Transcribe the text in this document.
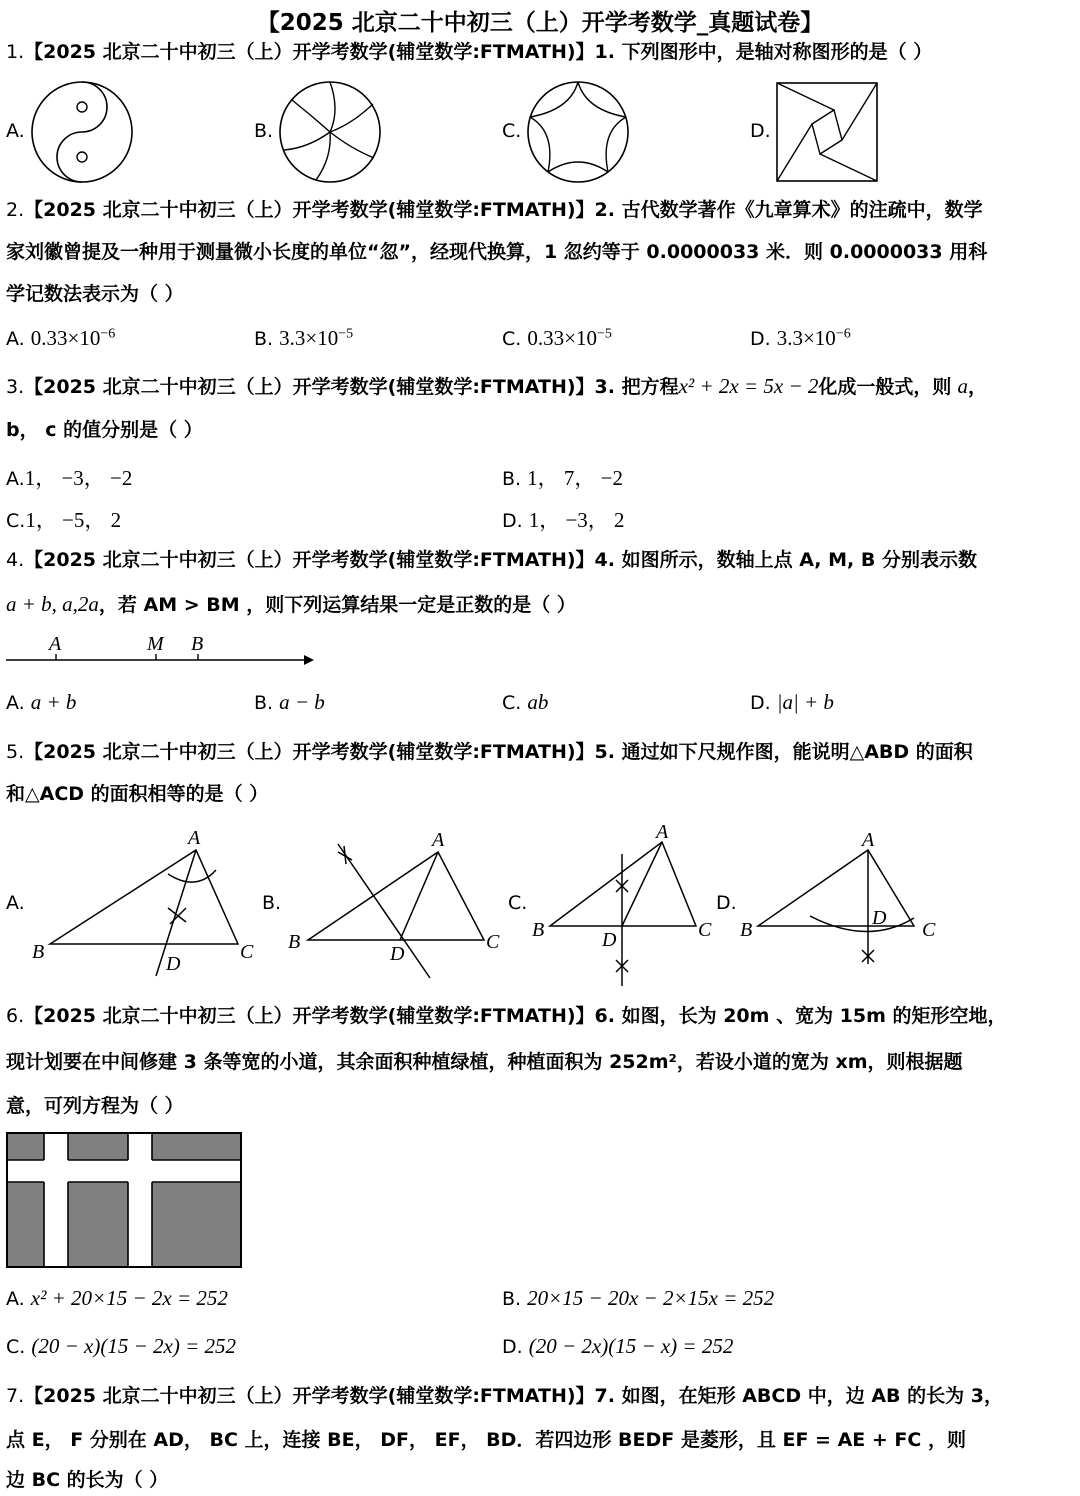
【2025 北京二十中初三（上）开学考数学_真题试卷】
1.【2025 北京二十中初三（上）开学考数学(辅堂数学:FTMATH)】1. 下列图形中，是轴对称图形的是（ ）
A.	B.	C.	D.
2.【2025 北京二十中初三（上）开学考数学(辅堂数学:FTMATH)】2. 古代数学著作《九章算术》的注疏中，数学
家刘徽曾提及一种用于测量微小长度的单位“忽”，经现代换算，1 忽约等于 0.0000033 米．则 0.0000033 用科
学记数法表示为（ ）
A. $0.33\times 10^{-6}$	B. $3.3\times 10^{-5}$	C. $0.33\times 10^{-5}$	D. $3.3\times 10^{-6}$
3.【2025 北京二十中初三（上）开学考数学(辅堂数学:FTMATH)】3. 把方程x² + 2x = 5x − 2化成一般式，则 a，
b， c 的值分别是（ ）
A.1， −3， −2	B. 1， 7， −2
C.1， −5， 2	D. 1， −3， 2
4.【2025 北京二十中初三（上）开学考数学(辅堂数学:FTMATH)】4. 如图所示，数轴上点 A, M, B 分别表示数
a + b, a,2a，若 AM > BM ，则下列运算结果一定是正数的是（ ）
A	M B
A. a + b	B. a − b	C. ab	D. |a| + b
5.【2025 北京二十中初三（上）开学考数学(辅堂数学:FTMATH)】5. 通过如下尺规作图，能说明△ABD 的面积
和△ACD 的面积相等的是（ ）
A.	B.	C.	D.
A
B	C
D
A
B	C
D
A
B	C
D
A
B	C
D
6.【2025 北京二十中初三（上）开学考数学(辅堂数学:FTMATH)】6. 如图，长为 20m 、宽为 15m 的矩形空地，
现计划要在中间修建 3 条等宽的小道，其余面积种植绿植，种植面积为 252m²，若设小道的宽为 xm，则根据题
意，可列方程为（ ）
A. x² + 20×15 − 2x = 252	B. 20×15 − 20x − 2×15x = 252
C. (20 − x)(15 − 2x) = 252	D. (20 − 2x)(15 − x) = 252
7.【2025 北京二十中初三（上）开学考数学(辅堂数学:FTMATH)】7. 如图，在矩形 ABCD 中，边 AB 的长为 3，
点 E， F 分别在 AD， BC 上，连接 BE， DF， EF， BD．若四边形 BEDF 是菱形，且 EF = AE + FC ，则
边 BC 的长为（ ）
